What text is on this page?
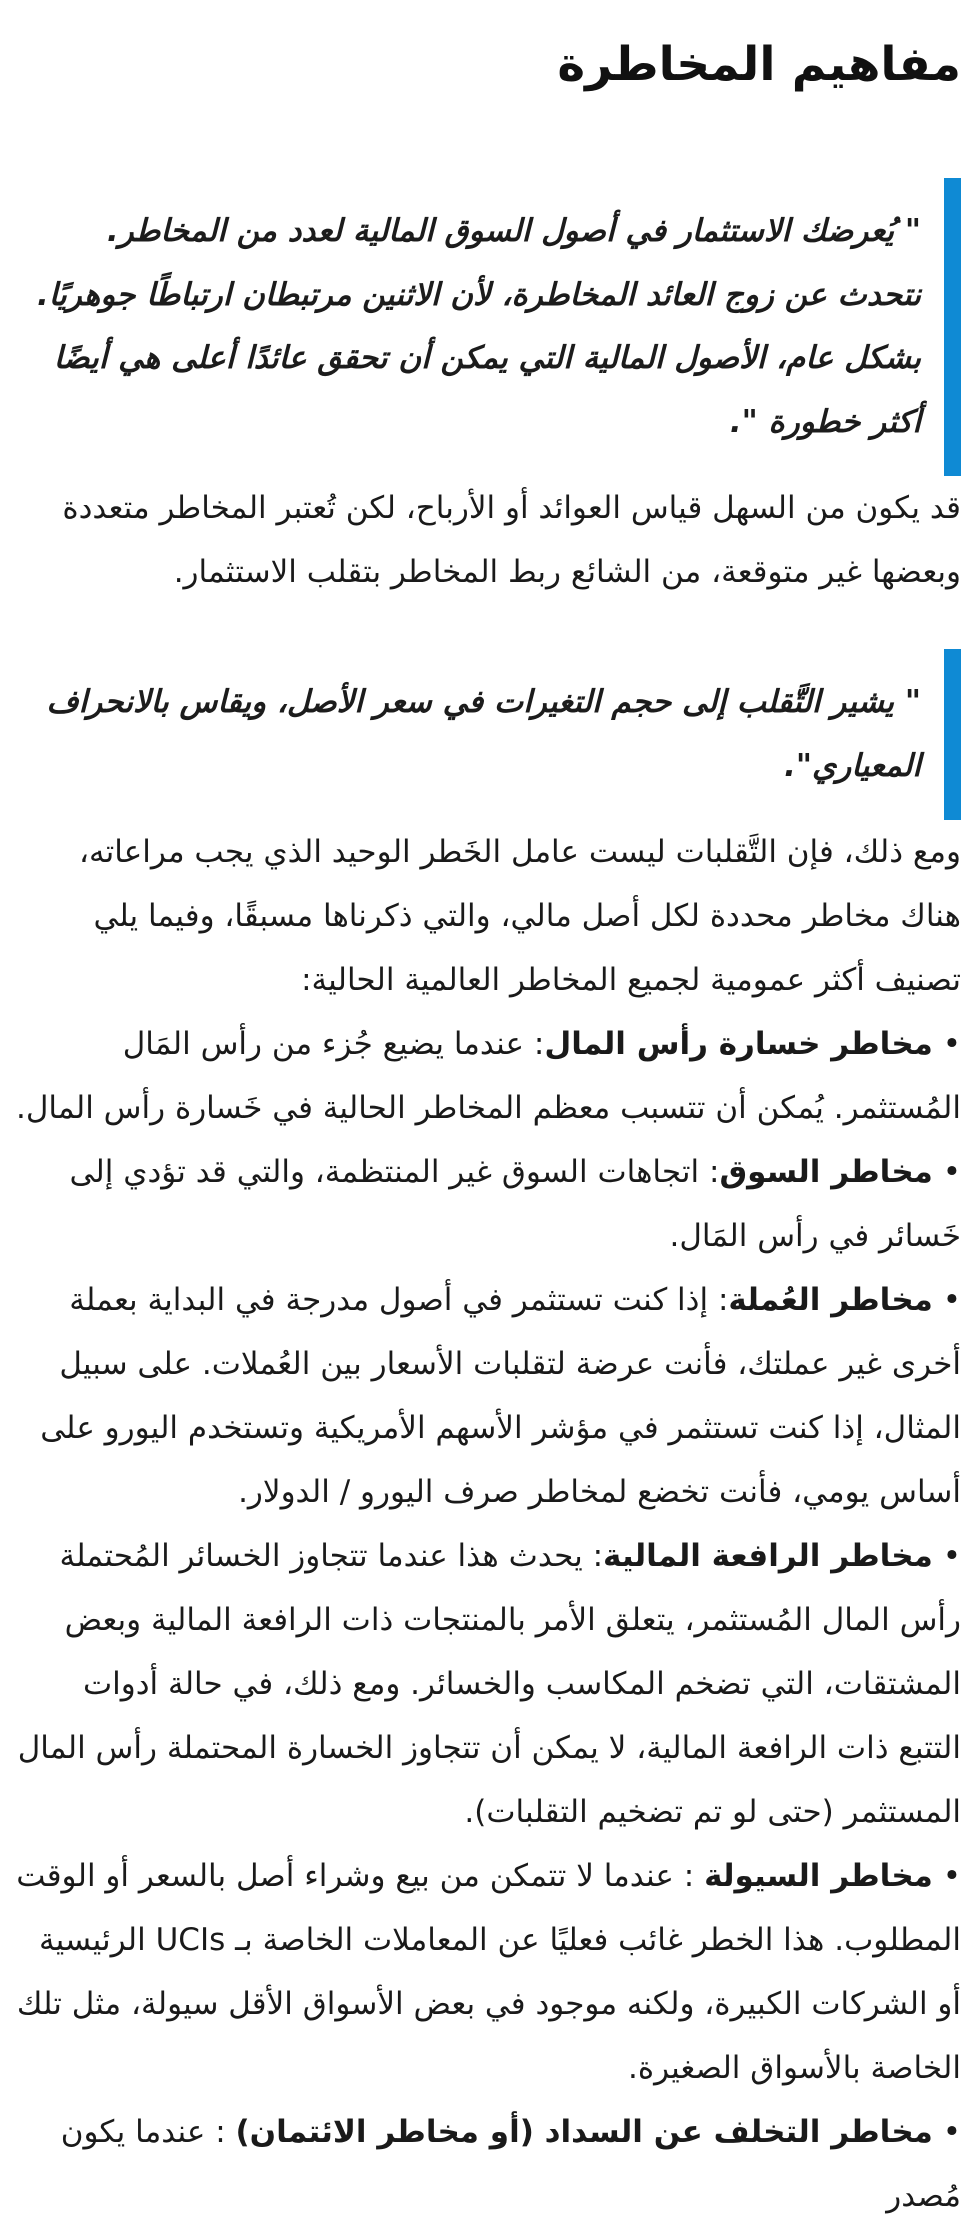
مفاهيم المخاطرة
" يُعرضك الاستثمار في أصول السوق المالية لعدد من المخاطر. نتحدث عن زوج العائد المخاطرة، لأن الاثنين مرتبطان ارتباطًا جوهريًا. بشكل عام، الأصول المالية التي يمكن أن تحقق عائدًا أعلى هي أيضًا أكثر خطورة ".

قد يكون من السهل قياس العوائد أو الأرباح، لكن تُعتبر المخاطر متعددة وبعضها غير متوقعة، من الشائع ربط المخاطر بتقلب الاستثمار.

" يشير التَّقلب إلى حجم التغيرات في سعر الأصل، ويقاس بالانحراف المعياري".

ومع ذلك، فإن التَّقلبات ليست عامل الخَطر الوحيد الذي يجب مراعاته، هناك مخاطر محددة لكل أصل مالي، والتي ذكرناها مسبقًا، وفيما يلي تصنيف أكثر عمومية لجميع المخاطر العالمية الحالية:

• مخاطر خسارة رأس المال: عندما يضيع جُزء من رأس المَال المُستثمر. يُمكن أن تتسبب معظم المخاطر الحالية في خَسارة رأس المال.

• مخاطر السوق: اتجاهات السوق غير المنتظمة، والتي قد تؤدي إلى خَسائر في رأس المَال.

• مخاطر العُملة: إذا كنت تستثمر في أصول مدرجة في البداية بعملة أخرى غير عملتك، فأنت عرضة لتقلبات الأسعار بين العُملات. على سبيل المثال، إذا كنت تستثمر في مؤشر الأسهم الأمريكية وتستخدم اليورو على أساس يومي، فأنت تخضع لمخاطر صرف اليورو / الدولار.

• مخاطر الرافعة المالية: يحدث هذا عندما تتجاوز الخسائر المُحتملة رأس المال المُستثمر، يتعلق الأمر بالمنتجات ذات الرافعة المالية وبعض المشتقات، التي تضخم المكاسب والخسائر. ومع ذلك، في حالة أدوات التتبع ذات الرافعة المالية، لا يمكن أن تتجاوز الخسارة المحتملة رأس المال المستثمر (حتى لو تم تضخيم التقلبات).

• مخاطر السيولة : عندما لا تتمكن من بيع وشراء أصل بالسعر أو الوقت المطلوب. هذا الخطر غائب فعليًا عن المعاملات الخاصة بـ UCIs الرئيسية أو الشركات الكبيرة، ولكنه موجود في بعض الأسواق الأقل سيولة، مثل تلك الخاصة بالأسواق الصغيرة.

• مخاطر التخلف عن السداد (أو مخاطر الائتمان) : عندما يكون مُصدر
